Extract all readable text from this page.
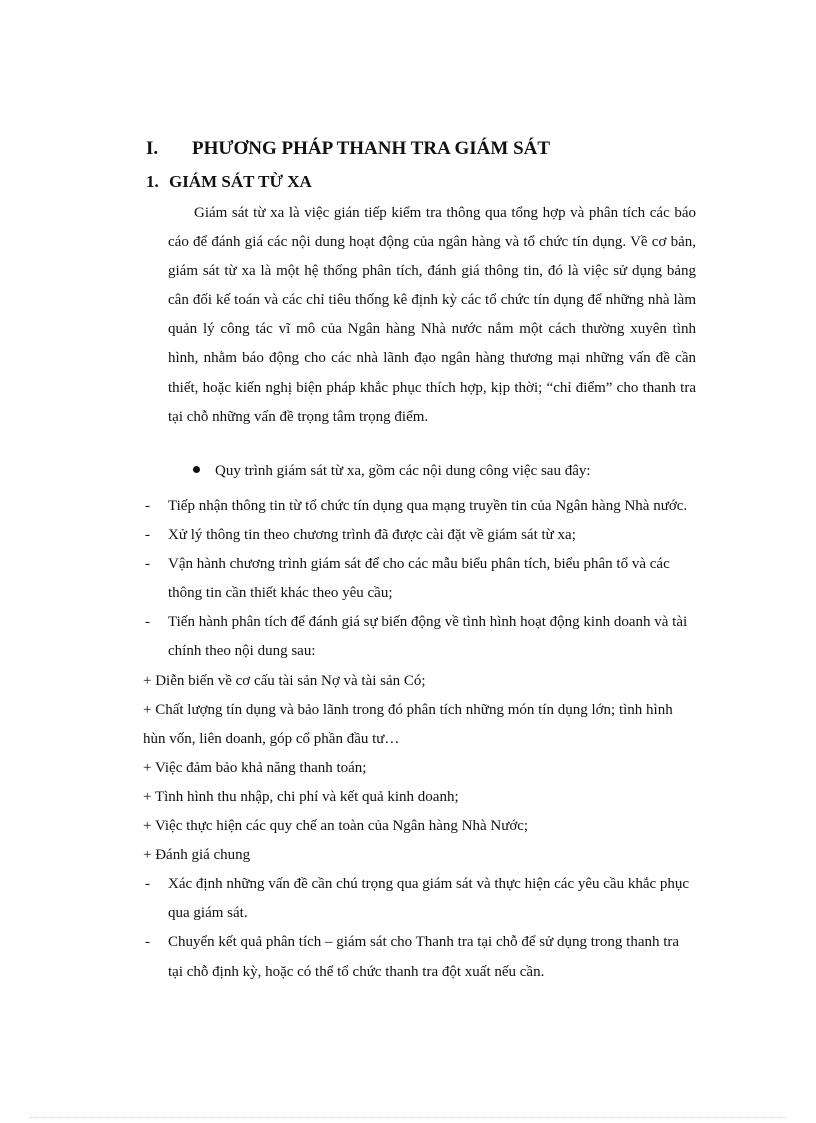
I. PHƯƠNG PHÁP THANH TRA GIÁM SÁT
1. GIÁM SÁT TỪ XA

Giám sát từ xa là việc gián tiếp kiểm tra thông qua tổng hợp và phân tích các báo cáo để đánh giá các nội dung hoạt động của ngân hàng và tổ chức tín dụng. Về cơ bản, giám sát từ xa là một hệ thống phân tích, đánh giá thông tin, đó là việc sử dụng bảng cân đối kế toán và các chỉ tiêu thống kê định kỳ các tổ chức tín dụng để những nhà làm quản lý công tác vĩ mô của Ngân hàng Nhà nước nắm một cách thường xuyên tình hình, nhằm báo động cho các nhà lãnh đạo ngân hàng thương mại những vấn đề cần thiết, hoặc kiến nghị biện pháp khắc phục thích hợp, kịp thời; “chỉ điểm” cho thanh tra tại chỗ những vấn đề trọng tâm trọng điểm.

Quy trình giám sát từ xa, gồm các nội dung công việc sau đây:
- Tiếp nhận thông tin từ tổ chức tín dụng qua mạng truyền tin của Ngân hàng Nhà nước.
- Xử lý thông tin theo chương trình đã được cài đặt về giám sát từ xa;
- Vận hành chương trình giám sát để cho các mẫu biểu phân tích, biểu phân tổ và các thông tin cần thiết khác theo yêu cầu;
- Tiến hành phân tích để đánh giá sự biến động về tình hình hoạt động kinh doanh và tài chính theo nội dung sau:
+ Diễn biến về cơ cấu tài sản Nợ và tài sản Có;
+ Chất lượng tín dụng và bảo lãnh trong đó phân tích những món tín dụng lớn; tình hình hùn vốn, liên doanh, góp cổ phần đầu tư…
+ Việc đảm bảo khả năng thanh toán;
+ Tình hình thu nhập, chi phí và kết quả kinh doanh;
+ Việc thực hiện các quy chế an toàn của Ngân hàng Nhà Nước;
+ Đánh giá chung
- Xác định những vấn đề cần chú trọng qua giám sát và thực hiện các yêu cầu khắc phục qua giám sát.
- Chuyển kết quả phân tích – giám sát cho Thanh tra tại chỗ để sử dụng trong thanh tra tại chỗ định kỳ, hoặc có thể tổ chức thanh tra đột xuất nếu cần.
